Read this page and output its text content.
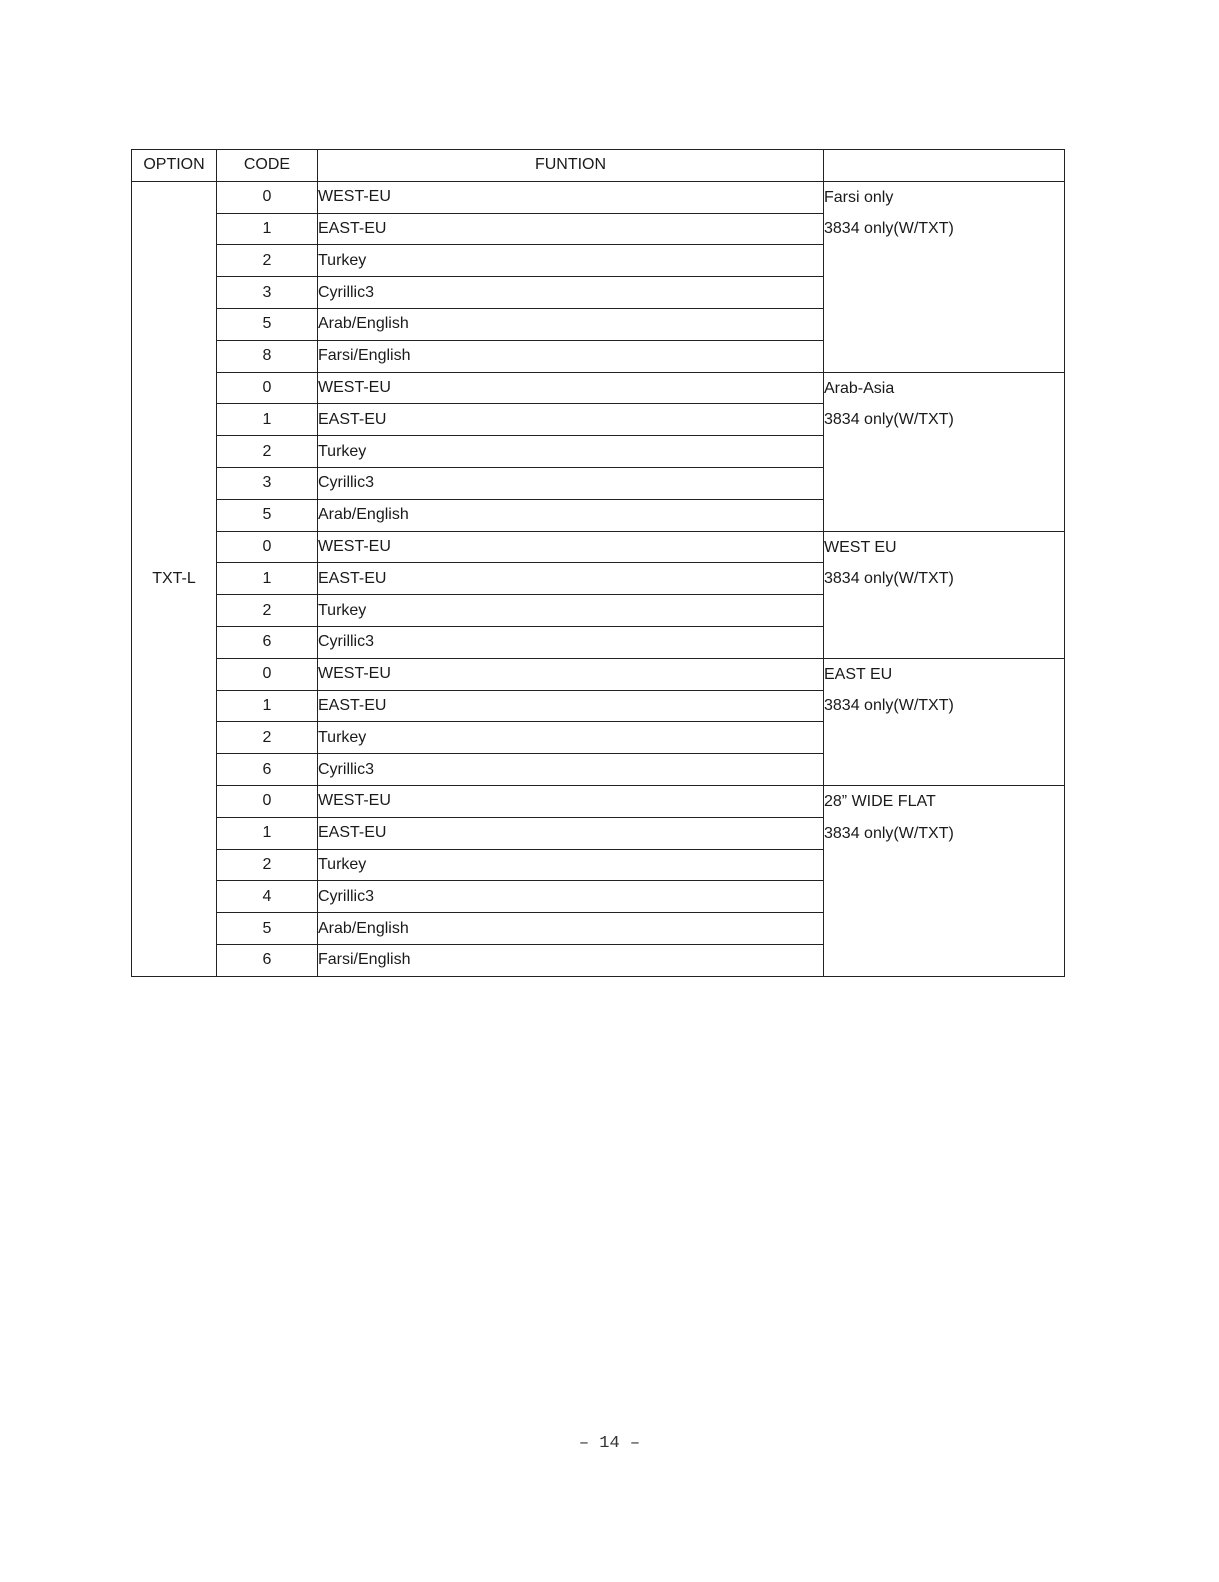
OPTION	CODE	FUNTION	
TXT-L	0	WEST-EU	Farsi only
3834 only(W/TXT)

	1	EAST-EU	
	2	Turkey	
	3	Cyrillic3	
	5	Arab/English	
	8	Farsi/English	
	0	WEST-EU	Arab-Asia
3834 only(W/TXT)

	1	EAST-EU	
	2	Turkey	
	3	Cyrillic3	
	5	Arab/English	
	0	WEST-EU	WEST EU
3834 only(W/TXT)

	1	EAST-EU	
	2	Turkey	
	6	Cyrillic3	
	0	WEST-EU	EAST EU
3834 only(W/TXT)

	1	EAST-EU	
	2	Turkey	
	6	Cyrillic3	
	0	WEST-EU	28” WIDE FLAT
3834 only(W/TXT)

	1	EAST-EU	
	2	Turkey	
	4	Cyrillic3	
	5	Arab/English	
	6	Farsi/English	
– 14 –
